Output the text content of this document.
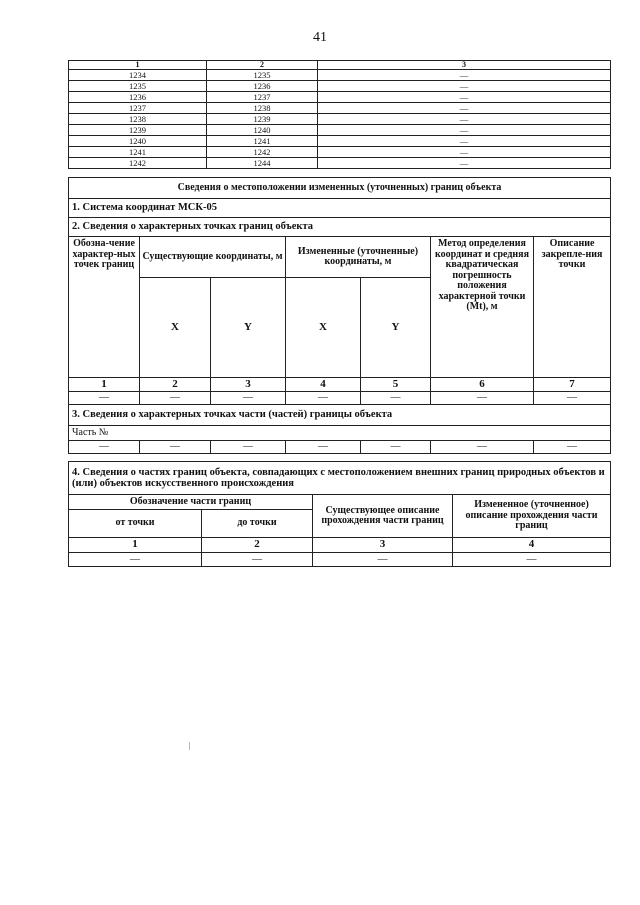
41
1	2	3
1234	1235	—
1235	1236	—
1236	1237	—
1237	1238	—
1238	1239	—
1239	1240	—
1240	1241	—
1241	1242	—
1242	1244	—
Сведения о местоположении измененных (уточненных) границ объекта						
1. Система координат МСК-05						
2. Сведения о характерных точках границ объекта						
Обозна-чение характер-ных точек границ	Существующие координаты, м		Измененные (уточненные) координаты, м		Метод определения координат и средняя квадратическая погрешность положения характерной точки (Mt), м	Описание закрепле-ния точки
	X	Y	X	Y		
1	2	3	4	5	6	7
—	—	—	—	—	—	—
3. Сведения о характерных точках части (частей) границы объекта						
Часть №						
—	—	—	—	—	—	—
4. Сведения о частях границ объекта, совпадающих с местоположением внешних границ природных объектов и (или) объектов искусственного происхождения			
Обозначение части границ		Существующее описание прохождения части границ	Измененное (уточненное) описание прохождения части границ
от точки	до точки		
1	2	3	4
—	—	—	—
